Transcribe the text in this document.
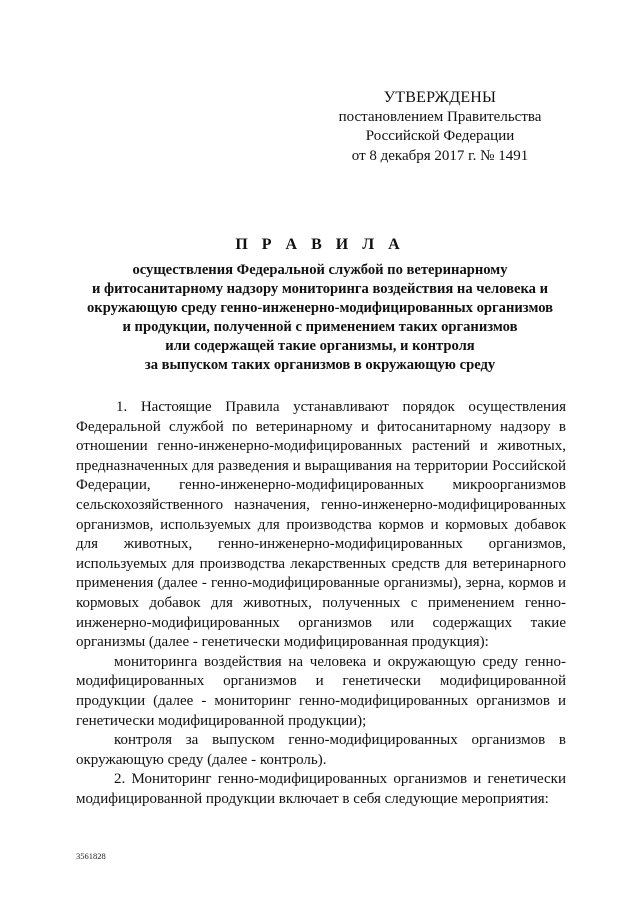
УТВЕРЖДЕНЫ
постановлением Правительства
Российской Федерации
от 8 декабря 2017 г. № 1491
П Р А В И Л А
осуществления Федеральной службой по ветеринарному
и фитосанитарному надзору мониторинга воздействия на человека и
окружающую среду генно-инженерно-модифицированных организмов
и продукции, полученной с применением таких организмов
или содержащей такие организмы, и контроля
за выпуском таких организмов в окружающую среду

1. Настоящие Правила устанавливают порядок осуществления Федеральной службой по ветеринарному и фитосанитарному надзору в отношении генно-инженерно-модифицированных растений и животных, предназначенных для разведения и выращивания на территории Российской Федерации, генно-инженерно-модифицированных микроорганизмов сельскохозяйственного назначения, генно-инженерно-модифицированных организмов, используемых для производства кормов и кормовых добавок для животных, генно-инженерно-модифицированных организмов, используемых для производства лекарственных средств для ветеринарного применения (далее - генно-модифицированные организмы), зерна, кормов и кормовых добавок для животных, полученных с применением генно-инженерно-модифицированных организмов или содержащих такие организмы (далее - генетически модифицированная продукция):

мониторинга воздействия на человека и окружающую среду генно-модифицированных организмов и генетически модифицированной продукции (далее - мониторинг генно-модифицированных организмов и генетически модифицированной продукции);

контроля за выпуском генно-модифицированных организмов в окружающую среду (далее - контроль).

2. Мониторинг генно-модифицированных организмов и генетически модифицированной продукции включает в себя следующие мероприятия:

3561828
